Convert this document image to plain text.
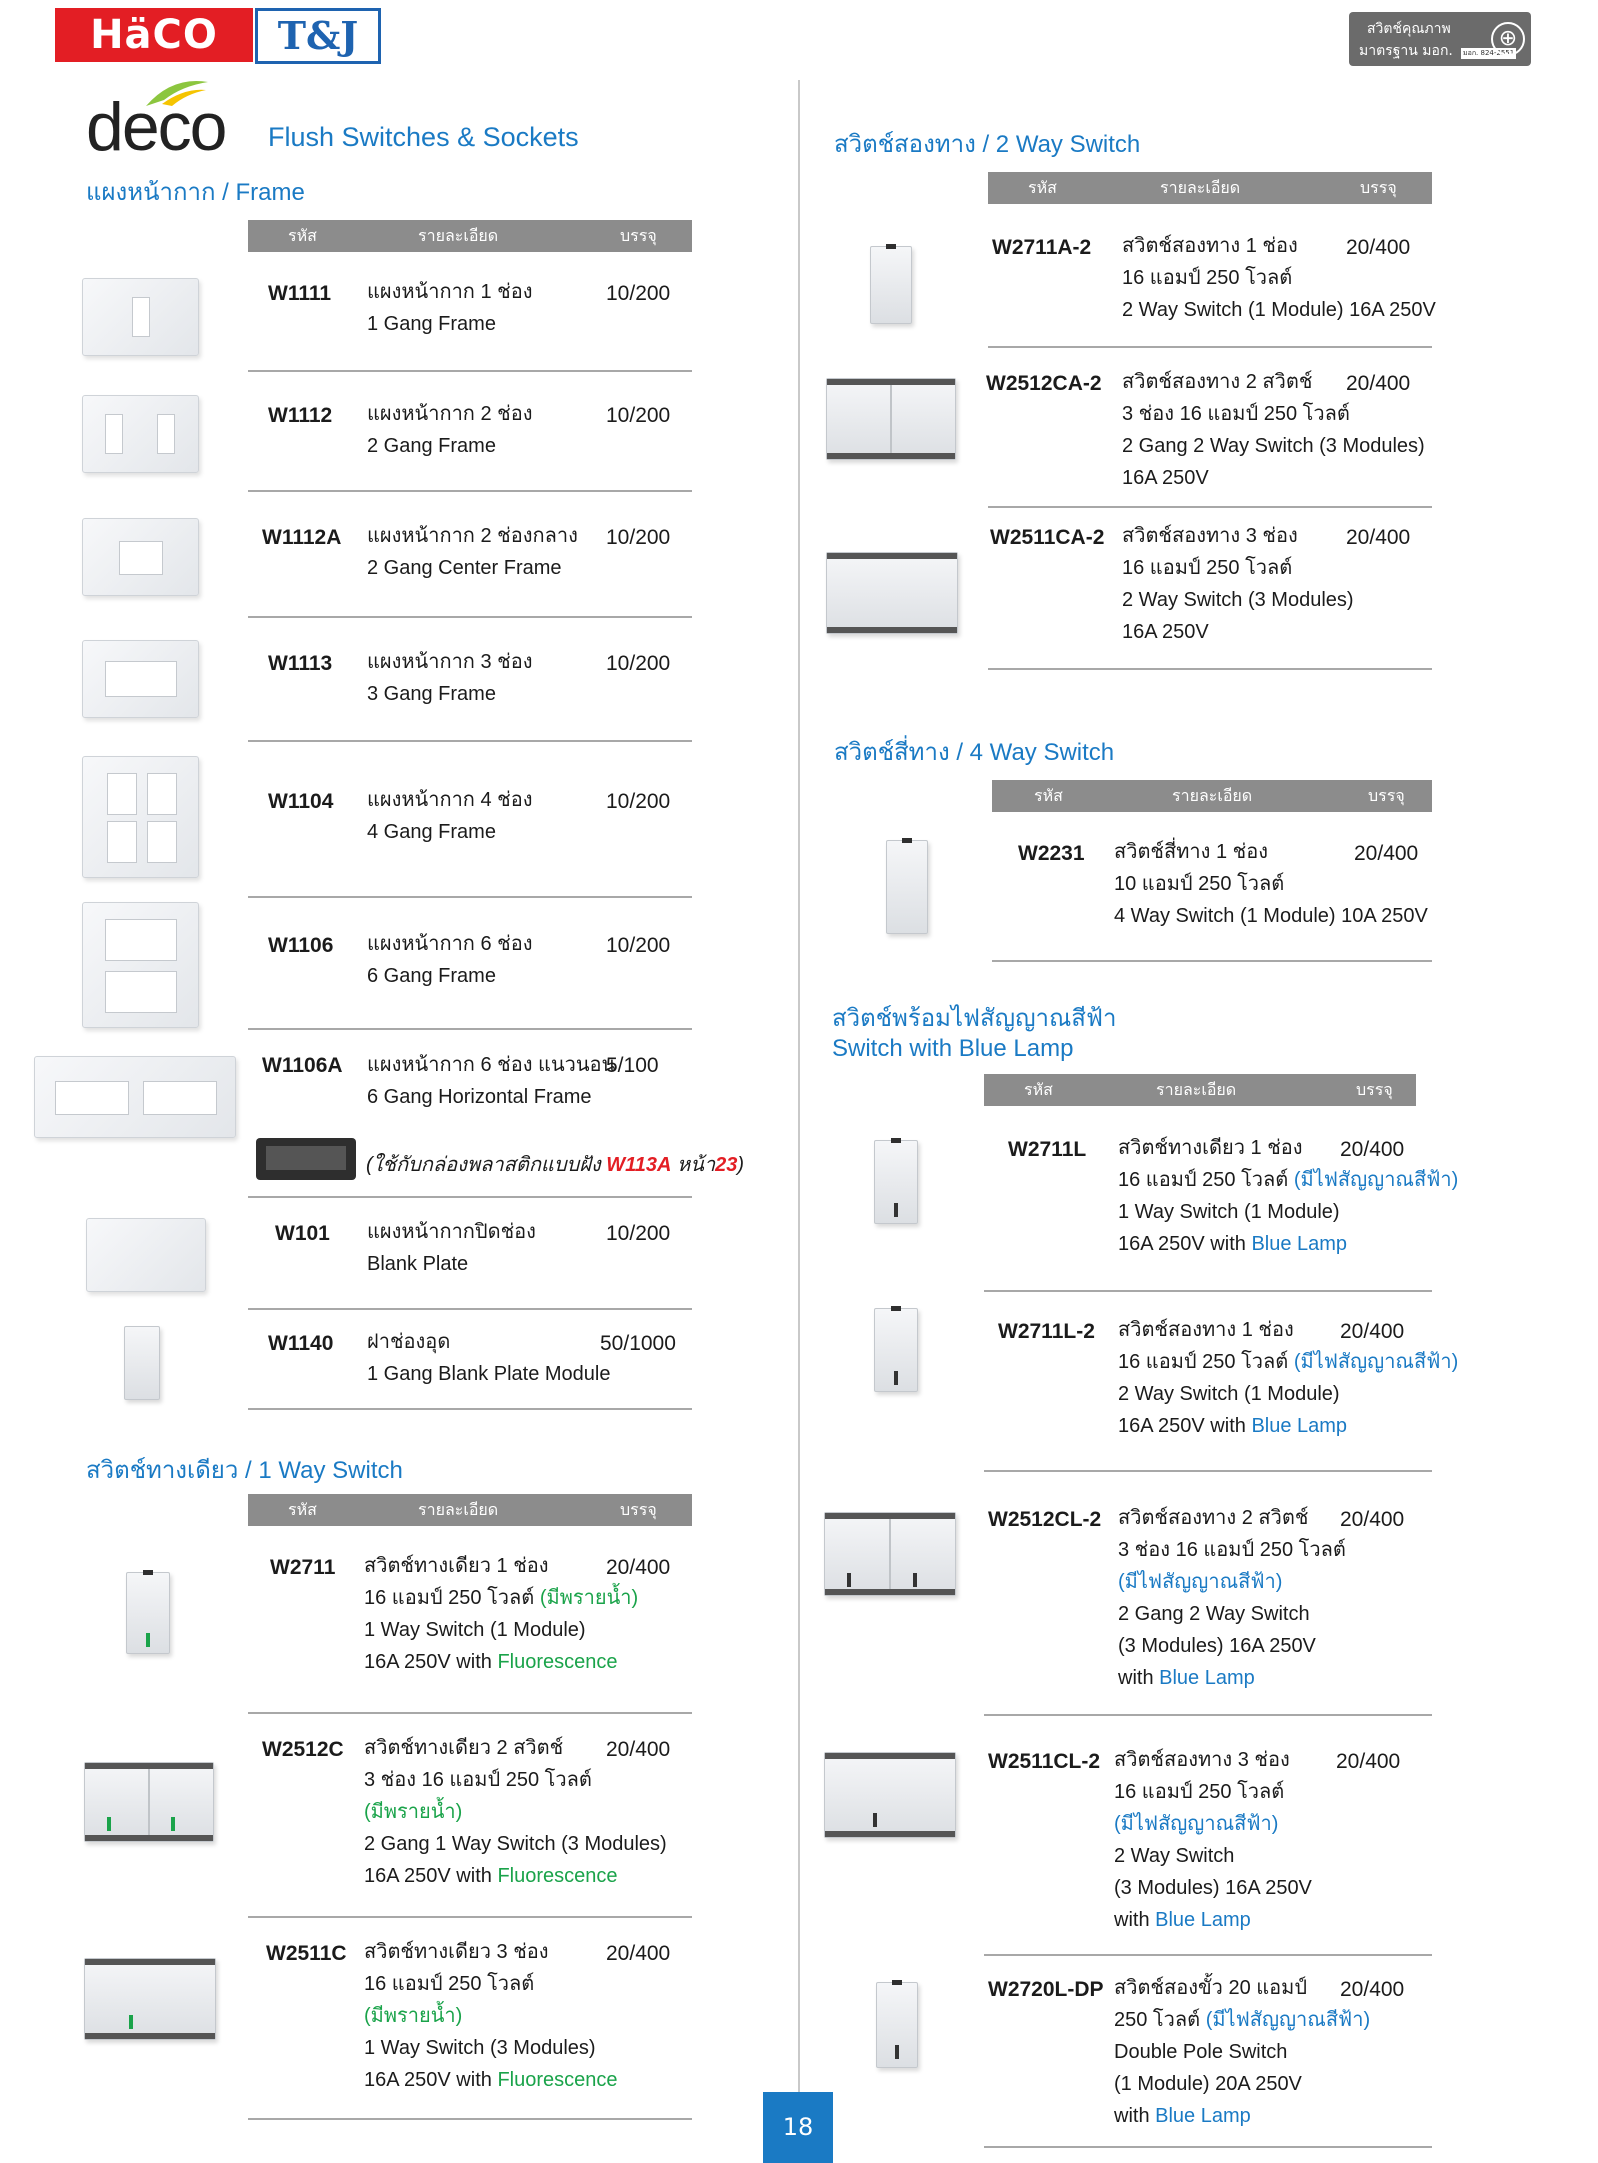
HäCO	T&J	สวิตช์คุณภาพ
มาตรฐาน มอก. มอก. 824-2551
⊕
deco Flush Switches & Sockets
แผงหน้ากาก / Frame
รหัส	รายละเอียด	บรรจุ
W1111 แผงหน้ากาก 1 ช่อง
1 Gang Frame
10/200
W1112 แผงหน้ากาก 2 ช่อง
2 Gang Frame
10/200
W1112A แผงหน้ากาก 2 ช่องกลาง
2 Gang Center Frame
10/200
W1113 แผงหน้ากาก 3 ช่อง
3 Gang Frame
10/200
W1104 แผงหน้ากาก 4 ช่อง
4 Gang Frame
10/200
W1106 แผงหน้ากาก 6 ช่อง
6 Gang Frame
10/200
W1106A แผงหน้ากาก 6 ช่อง แนวนอน
6 Gang Horizontal Frame
5/100
(ใช้กับกล่องพลาสติกแบบฝัง W113A หน้า23)
W101 แผงหน้ากากปิดช่อง
Blank Plate
10/200
W1140 ฝาช่องอุด
1 Gang Blank Plate Module
50/1000
สวิตช์ทางเดียว / 1 Way Switch
รหัส	รายละเอียด	บรรจุ
W2711 สวิตช์ทางเดียว 1 ช่อง
16 แอมป์ 250 โวลต์ (มีพรายน้ำ)
1 Way Switch (1 Module)
16A 250V with Fluorescence
20/400
W2512C สวิตช์ทางเดียว 2 สวิตช์
3 ช่อง 16 แอมป์ 250 โวลต์
(มีพรายน้ำ)
2 Gang 1 Way Switch (3 Modules)
16A 250V with Fluorescence
20/400
W2511C สวิตช์ทางเดียว 3 ช่อง
16 แอมป์ 250 โวลต์
(มีพรายน้ำ)
1 Way Switch (3 Modules)
16A 250V with Fluorescence
20/400
สวิตช์สองทาง / 2 Way Switch
รหัส	รายละเอียด	บรรจุ
W2711A-2 สวิตช์สองทาง 1 ช่อง
16 แอมป์ 250 โวลต์
2 Way Switch (1 Module) 16A 250V
20/400
W2512CA-2 สวิตช์สองทาง 2 สวิตช์
3 ช่อง 16 แอมป์ 250 โวลต์
2 Gang 2 Way Switch (3 Modules)
16A 250V
20/400
W2511CA-2 สวิตช์สองทาง 3 ช่อง
16 แอมป์ 250 โวลต์
2 Way Switch (3 Modules)
16A 250V
20/400
สวิตช์สี่ทาง / 4 Way Switch
รหัส	รายละเอียด	บรรจุ
W2231 สวิตช์สี่ทาง 1 ช่อง
10 แอมป์ 250 โวลต์
4 Way Switch (1 Module) 10A 250V
20/400
สวิตช์พร้อมไฟสัญญาณสีฟ้า
Switch with Blue Lamp
รหัส	รายละเอียด	บรรจุ
W2711L สวิตช์ทางเดียว 1 ช่อง
16 แอมป์ 250 โวลต์ (มีไฟสัญญาณสีฟ้า)
1 Way Switch (1 Module)
16A 250V with Blue Lamp
20/400
W2711L-2 สวิตช์สองทาง 1 ช่อง
16 แอมป์ 250 โวลต์ (มีไฟสัญญาณสีฟ้า)
2 Way Switch (1 Module)
16A 250V with Blue Lamp
20/400
W2512CL-2 สวิตช์สองทาง 2 สวิตช์
3 ช่อง 16 แอมป์ 250 โวลต์
(มีไฟสัญญาณสีฟ้า)
2 Gang 2 Way Switch
(3 Modules) 16A 250V
with Blue Lamp
20/400
W2511CL-2 สวิตช์สองทาง 3 ช่อง
16 แอมป์ 250 โวลต์
(มีไฟสัญญาณสีฟ้า)
2 Way Switch
(3 Modules) 16A 250V
with Blue Lamp
20/400
W2720L-DP สวิตช์สองขั้ว 20 แอมป์
250 โวลต์ (มีไฟสัญญาณสีฟ้า)
Double Pole Switch
(1 Module) 20A 250V
with Blue Lamp
20/400
18
